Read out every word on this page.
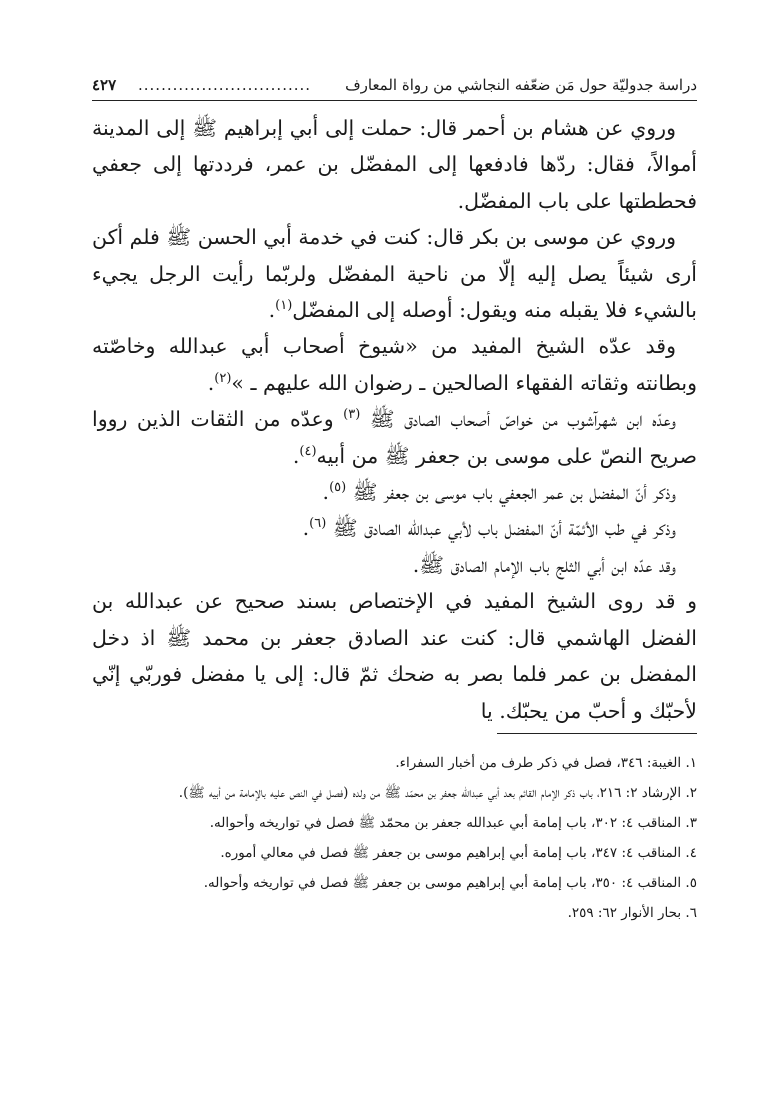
دراسة جدوليّة حول مَن ضعّفه النجاشي من رواة المعارف
..............................
٤٢٧

وروي عن هشام بن أحمر قال: حملت إلى أبي إبراهيم ﷺ إلى المدينة أموالاً، فقال: ردّها فادفعها إلى المفضّل بن عمر، فرددتها إلى جعفي فحططتها على باب المفضّل.

وروي عن موسى بن بكر قال: كنت في خدمة أبي الحسن ﷺ فلم أكن أرى شيئاً يصل إليه إلّا من ناحية المفضّل ولربّما رأيت الرجل يجيء بالشيء فلا يقبله منه ويقول: أوصله إلى المفضّل$^{(١)}$.

وقد عدّه الشيخ المفيد من «شيوخ أصحاب أبي عبدالله وخاصّته وبطانته وثقاته الفقهاء الصالحين ـ رضوان الله عليهم ـ »$^{(٢)}$.

وعدّه ابن شهرآشوب من خواصّ أصحاب الصادق ﷺ $^{(٣)}$ وعدّه من الثقات الذين رووا صريح النصّ على موسى بن جعفر ﷺ من أبيه$^{(٤)}$.

وذكر أنّ المفضل بن عمر الجعفي باب موسى بن جعفر ﷺ $^{(٥)}$.

وذكر في طب الأئمّة أنّ المفضل باب لأبي عبدالله الصادق ﷺ $^{(٦)}$.

وقد عدّه ابن أبي الثلج باب الإمام الصادق ﷺ.

و قد روى الشيخ المفيد في الإختصاص بسند صحيح عن عبدالله بن الفضل الهاشمي قال: كنت عند الصادق جعفر بن محمد ﷺ اذ دخل المفضل بن عمر فلما بصر به ضحك ثمّ قال: إلى يا مفضل فوربّي إنّي لأحبّك و أحبّ من يحبّك. يا

١. الغيبة: ٣٤٦، فصل في ذكر طرف من أخبار السفراء.

٢. الإرشاد ٢: ٢١٦، باب ذكر الإمام القائم بعد أبي عبدالله جعفر بن محمّد ﷺ من ولده (فصل في النص عليه بالإمامة من أبيه ﷺ).

٣. المناقب ٤: ٣٠٢، باب إمامة أبي عبدالله جعفر بن محمّد ﷺ فصل في تواريخه وأحواله.

٤. المناقب ٤: ٣٤٧، باب إمامة أبي إبراهيم موسى بن جعفر ﷺ فصل في معالي أموره.

٥. المناقب ٤: ٣٥٠، باب إمامة أبي إبراهيم موسى بن جعفر ﷺ فصل في تواريخه وأحواله.

٦. بحار الأنوار ٦٢: ٢٥٩.
